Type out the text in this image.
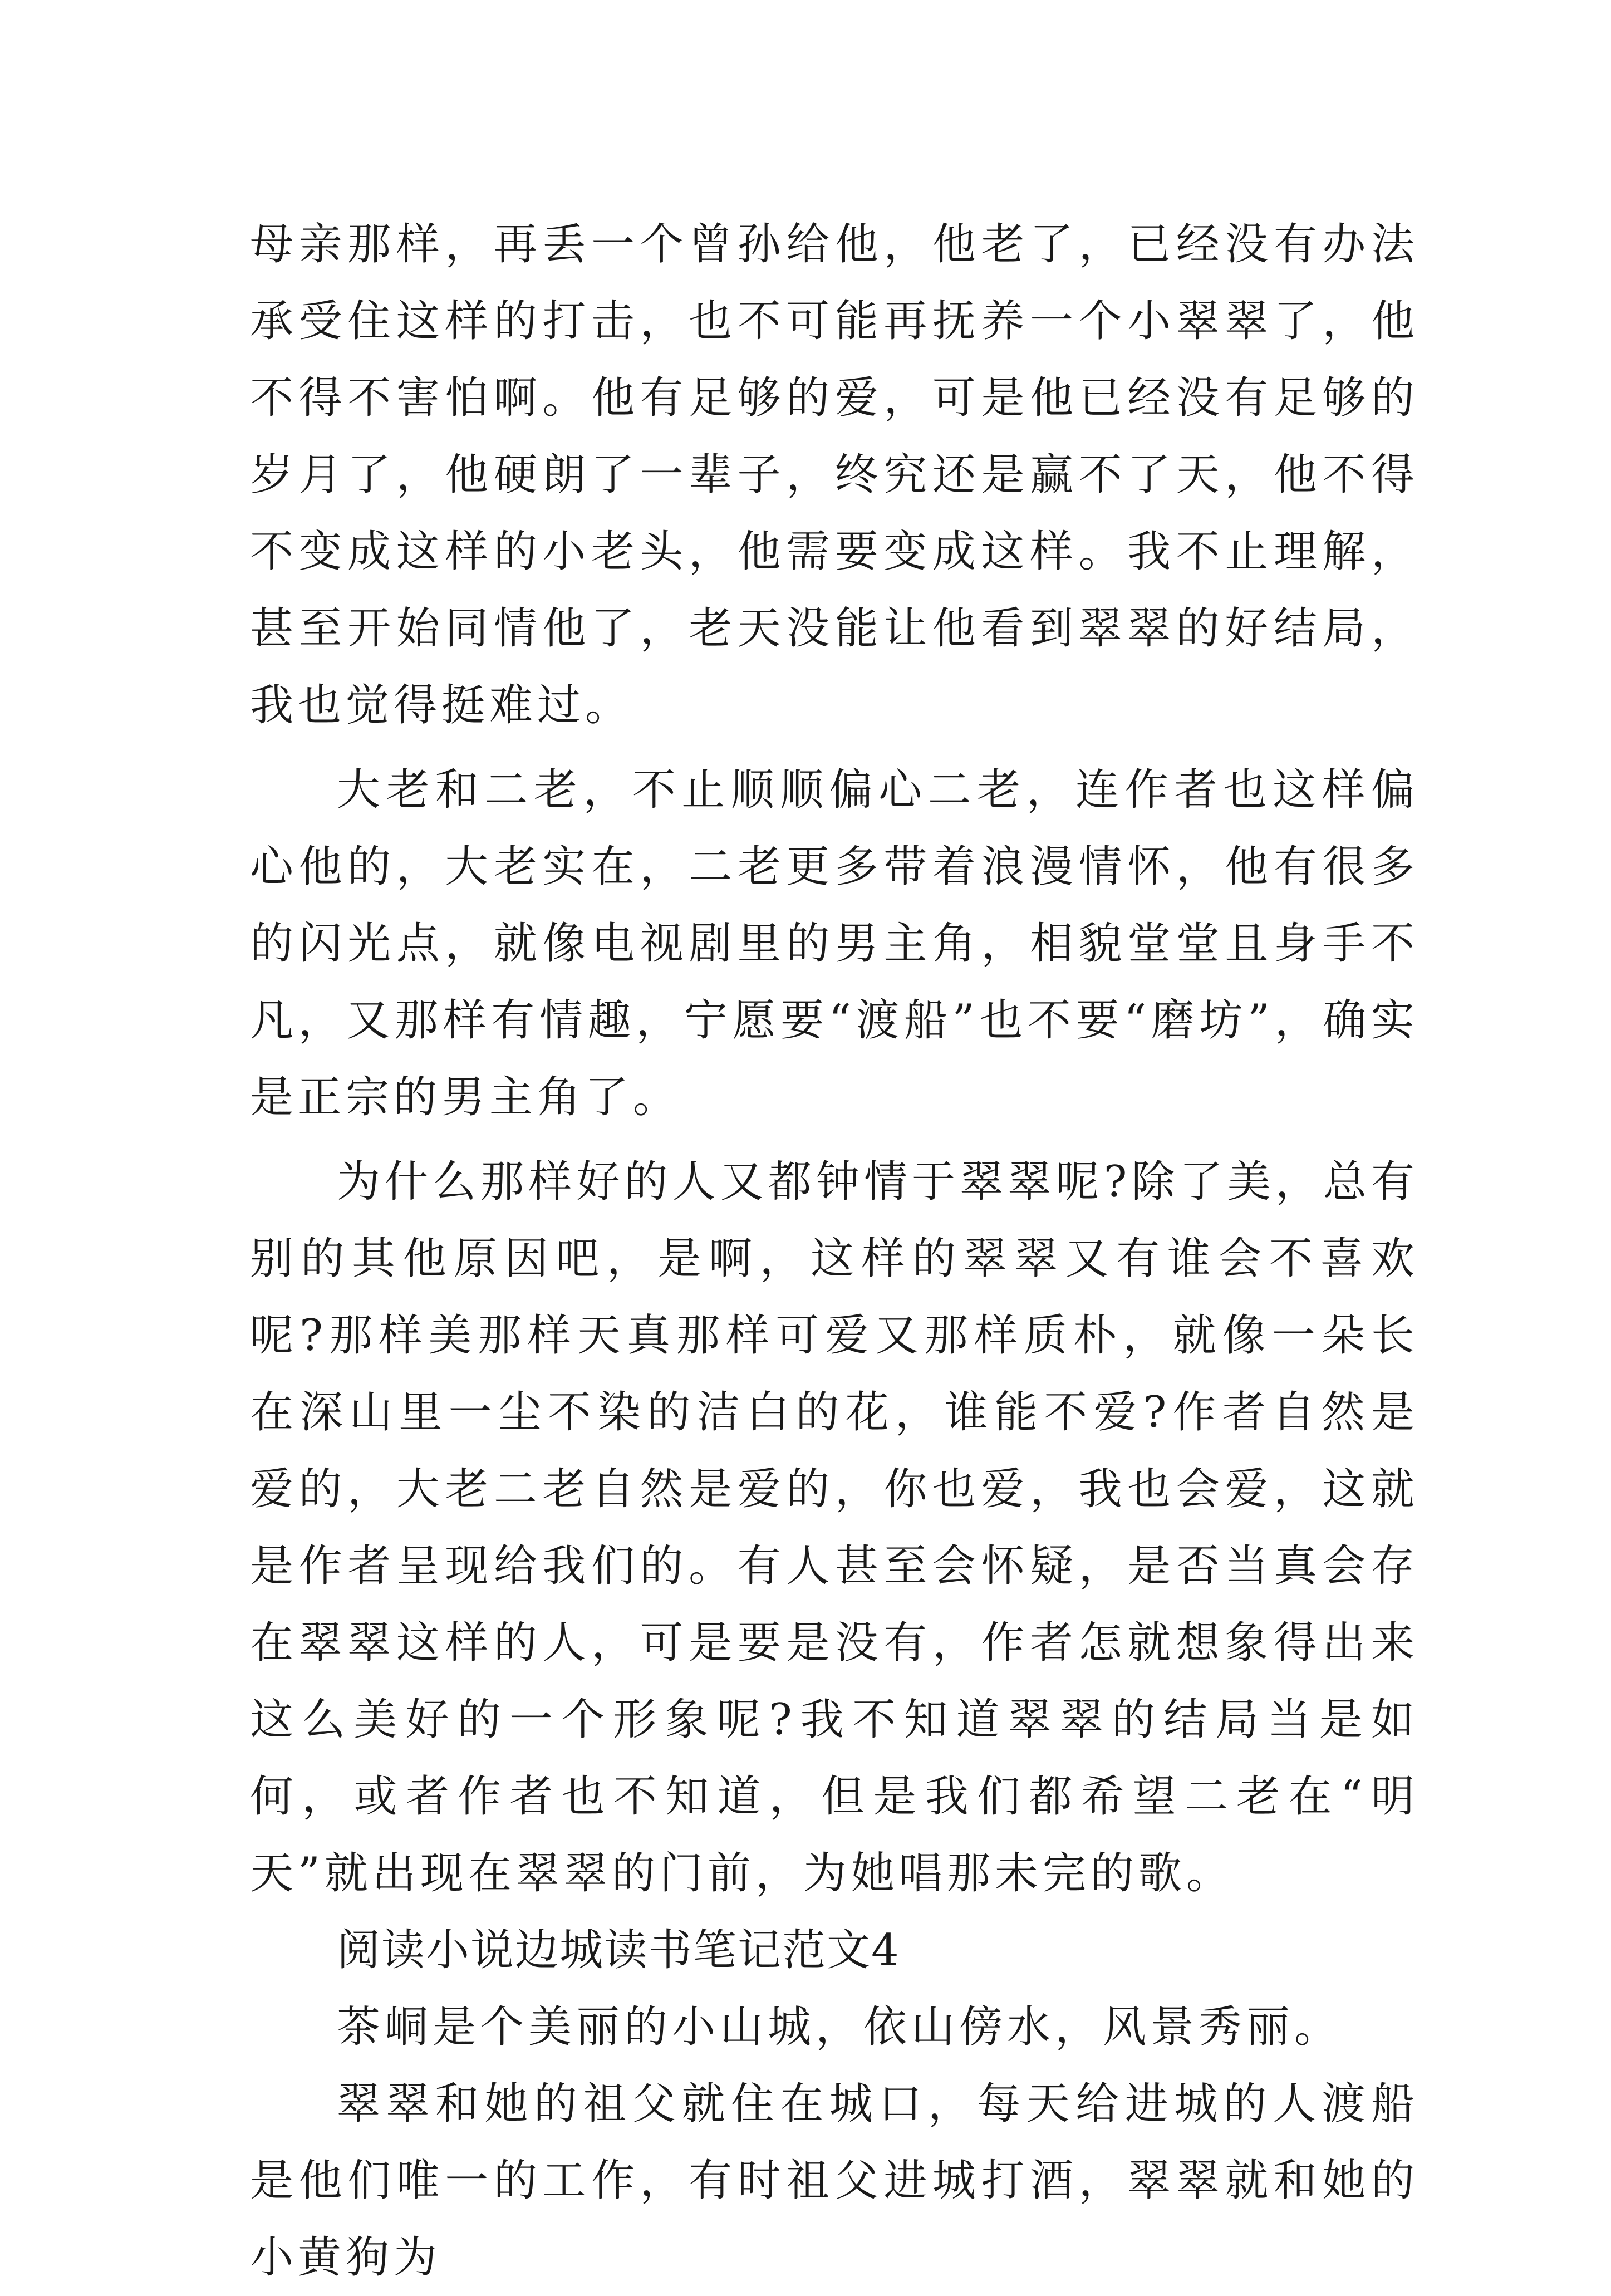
母亲那样，再丢一个曾孙给他，他老了，已经没有办法承受住这样的打击，也不可能再抚养一个小翠翠了，他不得不害怕啊。他有足够的爱，可是他已经没有足够的岁月了，他硬朗了一辈子，终究还是赢不了天，他不得不变成这样的小老头，他需要变成这样。我不止理解，甚至开始同情他了，老天没能让他看到翠翠的好结局，我也觉得挺难过。

大老和二老，不止顺顺偏心二老，连作者也这样偏心他的，大老实在，二老更多带着浪漫情怀，他有很多的闪光点，就像电视剧里的男主角，相貌堂堂且身手不凡，又那样有情趣，宁愿要“渡船”也不要“磨坊”，确实是正宗的男主角了。

为什么那样好的人又都钟情于翠翠呢?除了美，总有别的其他原因吧，是啊，这样的翠翠又有谁会不喜欢呢?那样美那样天真那样可爱又那样质朴，就像一朵长在深山里一尘不染的洁白的花，谁能不爱?作者自然是爱的，大老二老自然是爱的，你也爱，我也会爱，这就是作者呈现给我们的。有人甚至会怀疑，是否当真会存在翠翠这样的人，可是要是没有，作者怎就想象得出来这么美好的一个形象呢?我不知道翠翠的结局当是如何，或者作者也不知道，但是我们都希望二老在“明天”就出现在翠翠的门前，为她唱那未完的歌。

阅读小说边城读书笔记范文4

茶峒是个美丽的小山城，依山傍水，风景秀丽。

翠翠和她的祖父就住在城口，每天给进城的人渡船是他们唯一的工作，有时祖父进城打酒，翠翠就和她的小黄狗为
